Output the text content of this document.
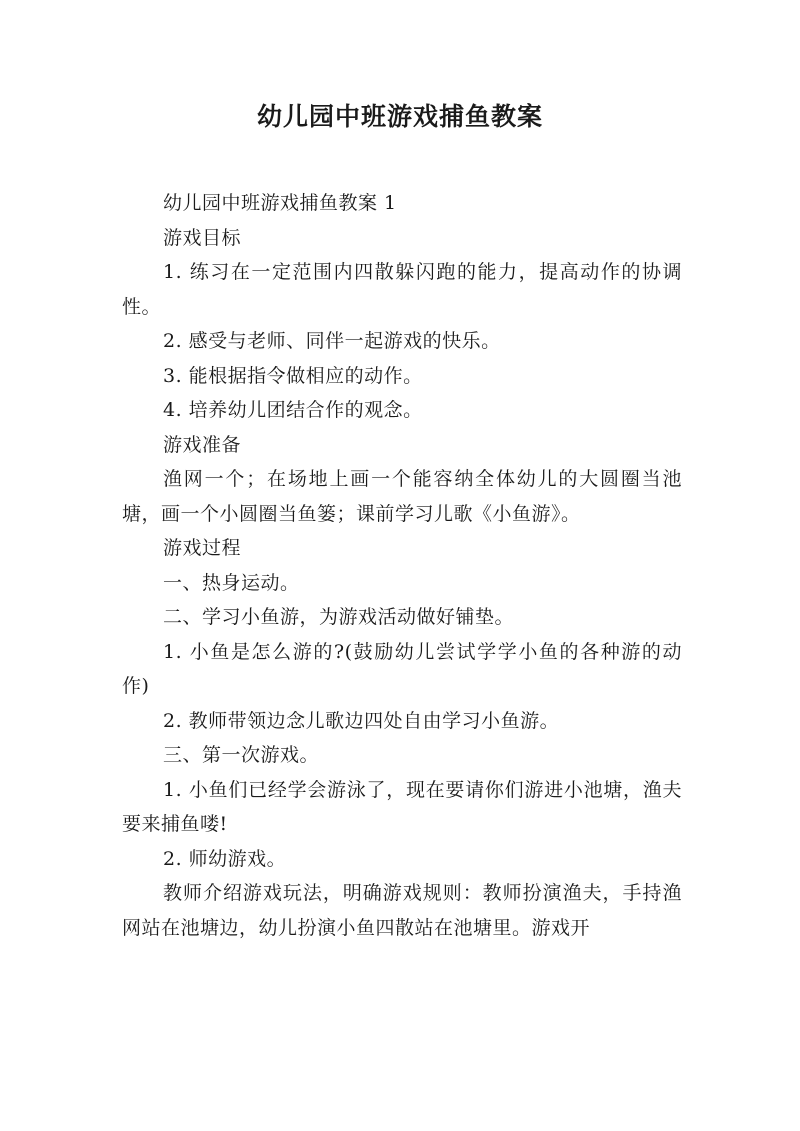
幼儿园中班游戏捕鱼教案

幼儿园中班游戏捕鱼教案 1

游戏目标

1. 练习在一定范围内四散躲闪跑的能力，提高动作的协调性。

2. 感受与老师、同伴一起游戏的快乐。

3. 能根据指令做相应的动作。

4. 培养幼儿团结合作的观念。

游戏准备

渔网一个；在场地上画一个能容纳全体幼儿的大圆圈当池塘，画一个小圆圈当鱼篓；课前学习儿歌《小鱼游》。

游戏过程

一、热身运动。

二、学习小鱼游，为游戏活动做好铺垫。

1. 小鱼是怎么游的?(鼓励幼儿尝试学学小鱼的各种游的动作)

2. 教师带领边念儿歌边四处自由学习小鱼游。

三、第一次游戏。

1. 小鱼们已经学会游泳了，现在要请你们游进小池塘，渔夫要来捕鱼喽!

2. 师幼游戏。

教师介绍游戏玩法，明确游戏规则：教师扮演渔夫，手持渔网站在池塘边，幼儿扮演小鱼四散站在池塘里。游戏开
